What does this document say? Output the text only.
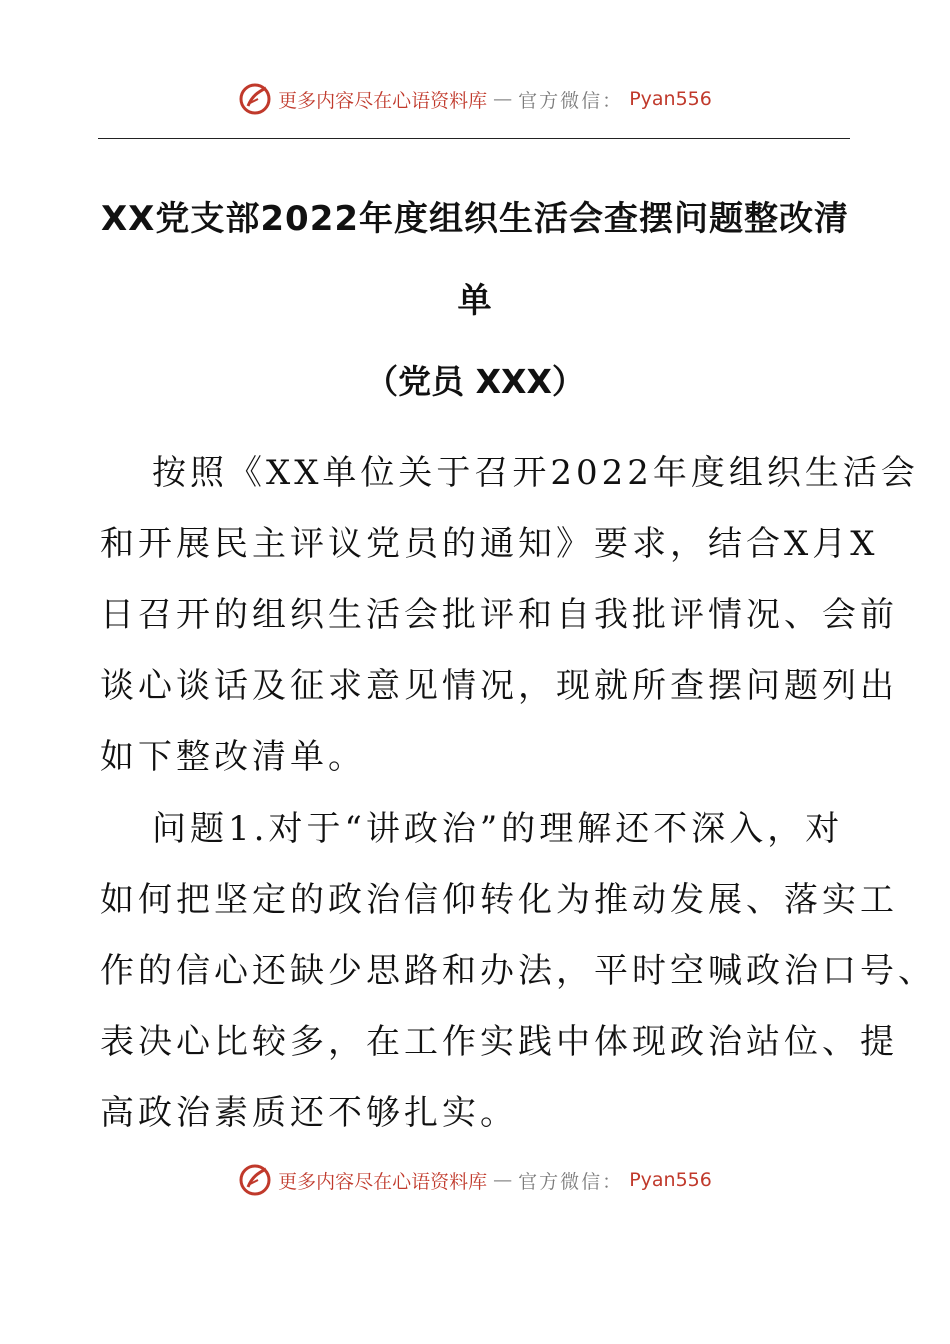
更多内容尽在心语资料库 — 官方微信： Pyan556
XX党支部2022年度组织生活会查摆问题整改清
单
（党员 XXX）
按照《XX单位关于召开2022年度组织生活会
和开展民主评议党员的通知》要求，结合X月X
日召开的组织生活会批评和自我批评情况、会前
谈心谈话及征求意见情况，现就所查摆问题列出
如下整改清单。
问题1.对于“讲政治”的理解还不深入，对
如何把坚定的政治信仰转化为推动发展、落实工
作的信心还缺少思路和办法，平时空喊政治口号、
表决心比较多，在工作实践中体现政治站位、提
高政治素质还不够扎实。
更多内容尽在心语资料库 — 官方微信： Pyan556
